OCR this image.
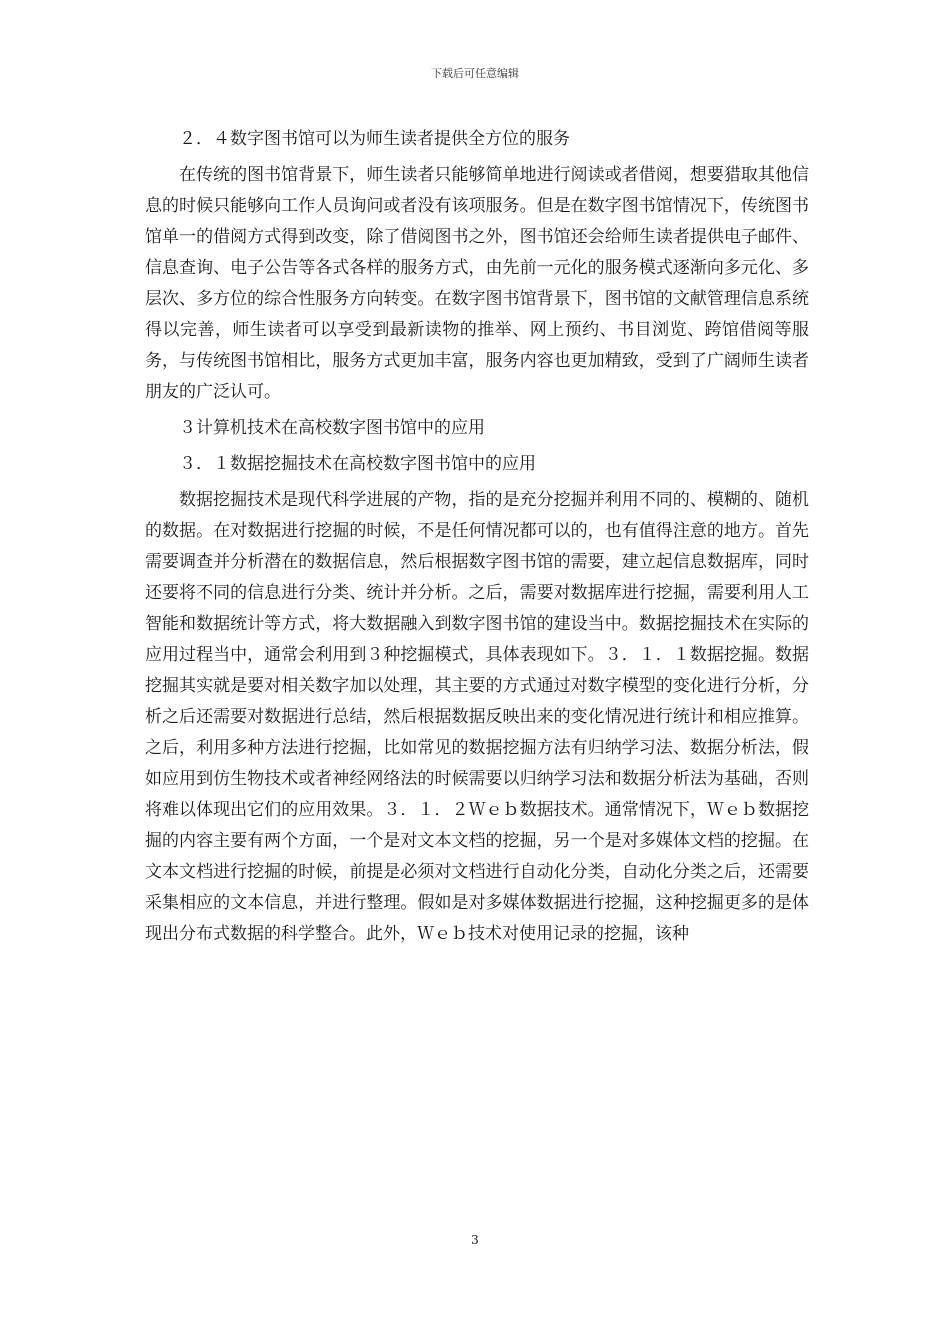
下载后可任意编辑
２．４数字图书馆可以为师生读者提供全方位的服务

在传统的图书馆背景下，师生读者只能够简单地进行阅读或者借阅，想要猎取其他信息的时候只能够向工作人员询问或者没有该项服务。但是在数字图书馆情况下，传统图书馆单一的借阅方式得到改变，除了借阅图书之外，图书馆还会给师生读者提供电子邮件、信息查询、电子公告等各式各样的服务方式，由先前一元化的服务模式逐渐向多元化、多层次、多方位的综合性服务方向转变。在数字图书馆背景下，图书馆的文献管理信息系统得以完善，师生读者可以享受到最新读物的推举、网上预约、书目浏览、跨馆借阅等服务，与传统图书馆相比，服务方式更加丰富，服务内容也更加精致，受到了广阔师生读者朋友的广泛认可。

３计算机技术在高校数字图书馆中的应用
３．１数据挖掘技术在高校数字图书馆中的应用

数据挖掘技术是现代科学进展的产物，指的是充分挖掘并利用不同的、模糊的、随机的数据。在对数据进行挖掘的时候，不是任何情况都可以的，也有值得注意的地方。首先需要调查并分析潜在的数据信息，然后根据数字图书馆的需要，建立起信息数据库，同时还要将不同的信息进行分类、统计并分析。之后，需要对数据库进行挖掘，需要利用人工智能和数据统计等方式，将大数据融入到数字图书馆的建设当中。数据挖掘技术在实际的应用过程当中，通常会利用到３种挖掘模式，具体表现如下。３．１．１数据挖掘。数据挖掘其实就是要对相关数字加以处理，其主要的方式通过对数字模型的变化进行分析，分析之后还需要对数据进行总结，然后根据数据反映出来的变化情况进行统计和相应推算。之后，利用多种方法进行挖掘，比如常见的数据挖掘方法有归纳学习法、数据分析法，假如应用到仿生物技术或者神经网络法的时候需要以归纳学习法和数据分析法为基础，否则将难以体现出它们的应用效果。３．１．２Ｗｅｂ数据技术。通常情况下，Ｗｅｂ数据挖掘的内容主要有两个方面，一个是对文本文档的挖掘，另一个是对多媒体文档的挖掘。在文本文档进行挖掘的时候，前提是必须对文档进行自动化分类，自动化分类之后，还需要采集相应的文本信息，并进行整理。假如是对多媒体数据进行挖掘，这种挖掘更多的是体现出分布式数据的科学整合。此外，Ｗｅｂ技术对使用记录的挖掘，该种

3
